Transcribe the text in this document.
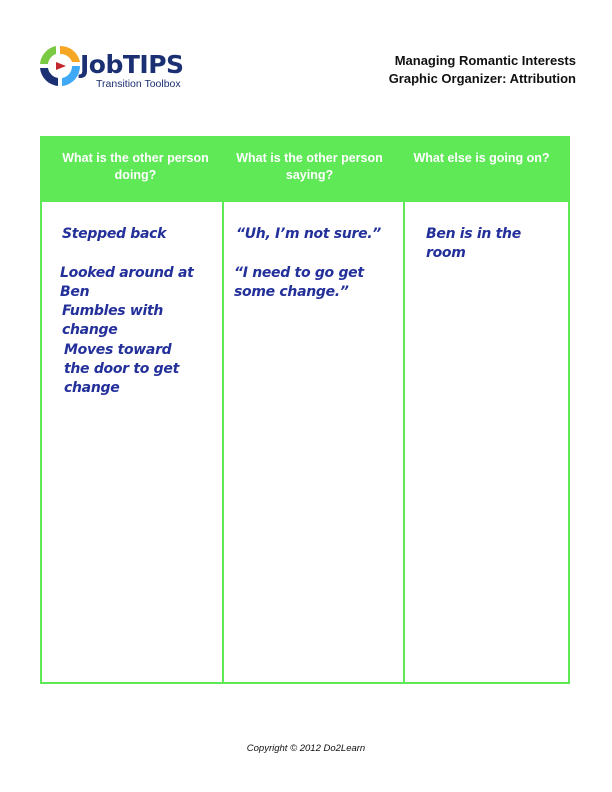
JobTIPS
Transition Toolbox
Managing Romantic Interests
Graphic Organizer: Attribution
What is the other person doing?
What is the other person saying?
What else is going on?
Stepped back
Looked around at Ben
Fumbles with change
Moves toward the door to get change
“Uh, I’m not sure.”
“I need to go get some change.”
Ben is in the room
Copyright © 2012 Do2Learn
